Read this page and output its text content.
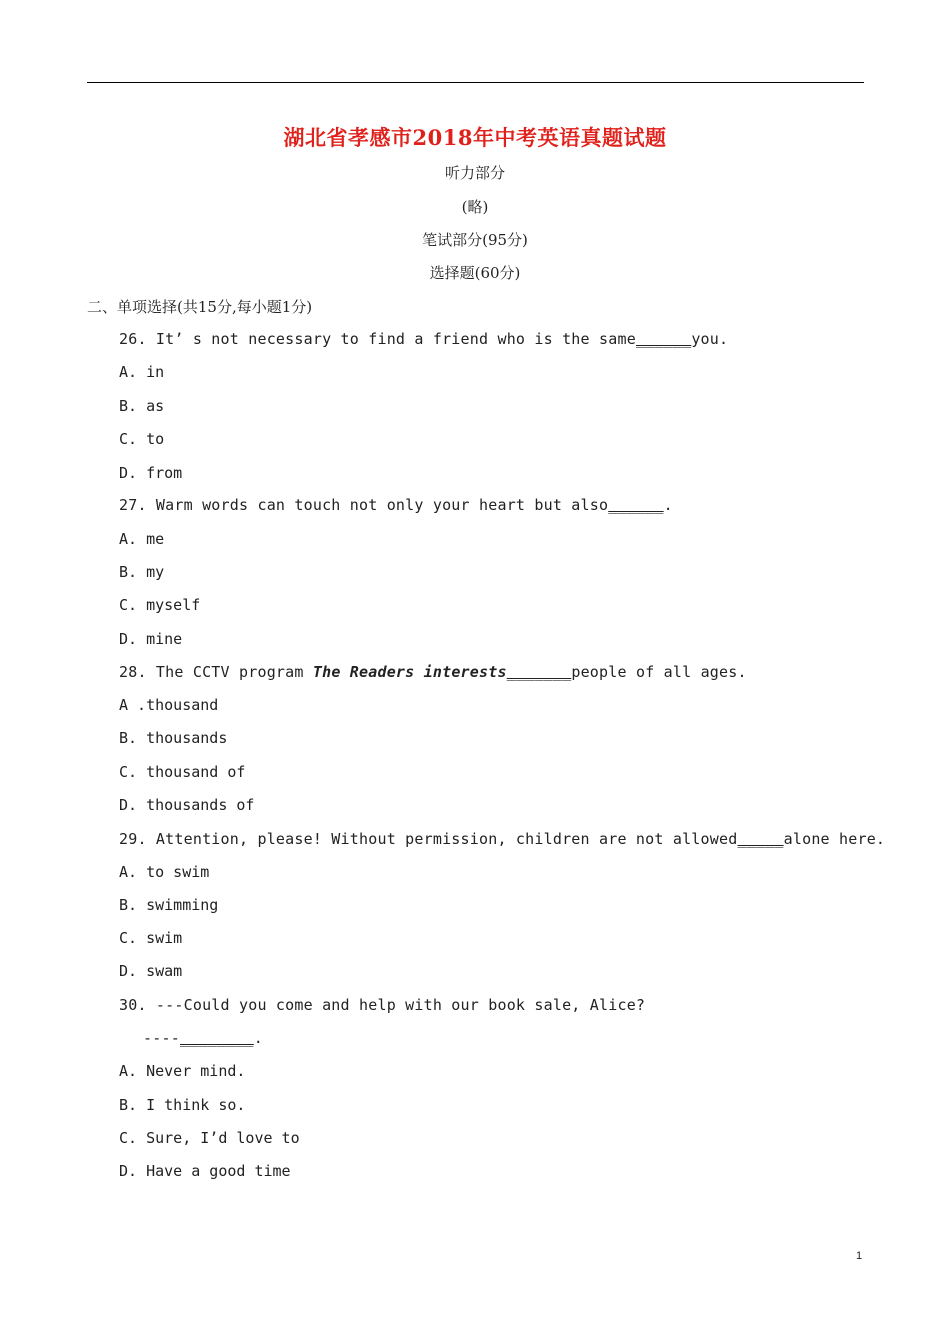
湖北省孝感市2018年中考英语真题试题
听力部分
(略)
笔试部分(95分)
选择题(60分)
二、单项选择(共15分,每小题1分)
26. It’ s not necessary to find a friend who is the same______you.
A. in
B. as
C. to
D. from
27. Warm words can touch not only your heart but also______.
A. me
B. my
C. myself
D. mine
28. The CCTV program The Readers interests_______people of all ages.
A .thousand
B. thousands
C. thousand of
D. thousands of
29. Attention, please! Without permission, children are not allowed_____alone here.
A. to swim
B. swimming
C. swim
D. swam
30. ---Could you come and help with our book sale, Alice?
----________.
A. Never mind.
B. I think so.
C. Sure, I’d love to
D. Have a good time
1
